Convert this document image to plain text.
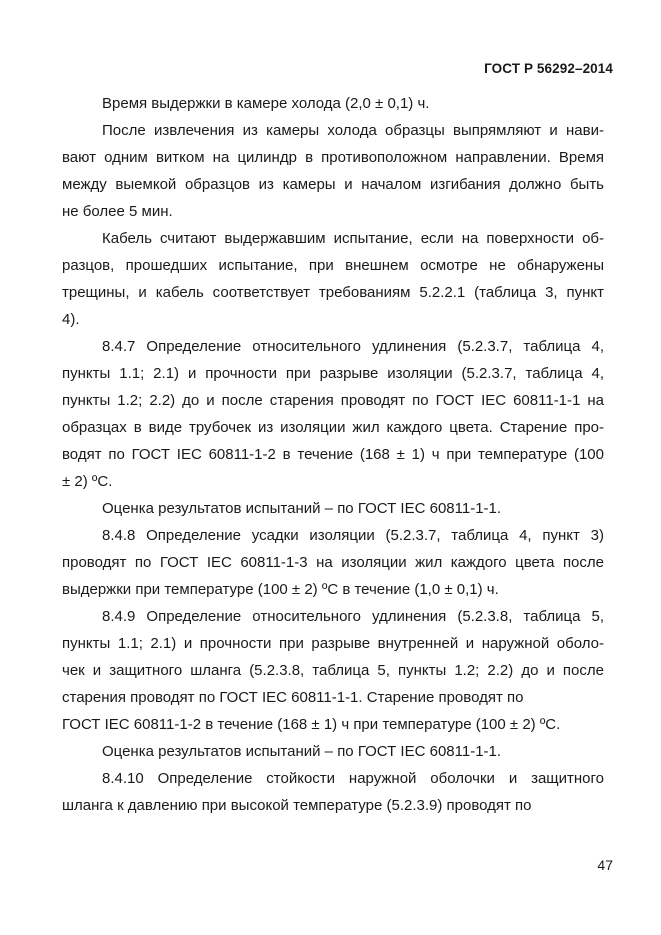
ГОСТ Р 56292–2014
Время выдержки в камере холода (2,0 ± 0,1) ч.
После извлечения из камеры холода образцы выпрямляют и нави-
вают одним витком на цилиндр в противоположном направлении. Время
между выемкой образцов из камеры и началом изгибания должно быть
не более 5 мин.
Кабель считают выдержавшим испытание, если на поверхности об-
разцов, прошедших испытание, при внешнем осмотре не обнаружены
трещины, и кабель соответствует требованиям 5.2.2.1 (таблица 3, пункт
4).
8.4.7 Определение относительного удлинения (5.2.3.7, таблица 4,
пункты 1.1; 2.1) и прочности при разрыве изоляции (5.2.3.7, таблица 4,
пункты 1.2; 2.2) до и после старения проводят по ГОСТ IEC 60811-1-1 на
образцах в виде трубочек из изоляции жил каждого цвета. Старение про-
водят по ГОСТ IEC 60811-1-2 в течение (168 ± 1) ч при температуре (100
± 2) ºС.
Оценка результатов испытаний – по ГОСТ IEC 60811-1-1.
8.4.8 Определение усадки изоляции (5.2.3.7, таблица 4, пункт 3)
проводят по ГОСТ IEC 60811-1-3 на изоляции жил каждого цвета после
выдержки при температуре (100 ± 2) ºС в течение (1,0 ± 0,1) ч.
8.4.9 Определение относительного удлинения (5.2.3.8, таблица 5,
пункты 1.1; 2.1) и прочности при разрыве внутренней и наружной оболо-
чек и защитного шланга (5.2.3.8, таблица 5, пункты 1.2; 2.2) до и после
старения проводят по ГОСТ IEC 60811-1-1. Старение проводят по
ГОСТ IEC 60811-1-2 в течение (168 ± 1) ч при температуре (100 ± 2) ºС.
Оценка результатов испытаний – по ГОСТ IEC 60811-1-1.
8.4.10 Определение стойкости наружной оболочки и защитного
шланга к давлению при высокой температуре (5.2.3.9) проводят по
47
